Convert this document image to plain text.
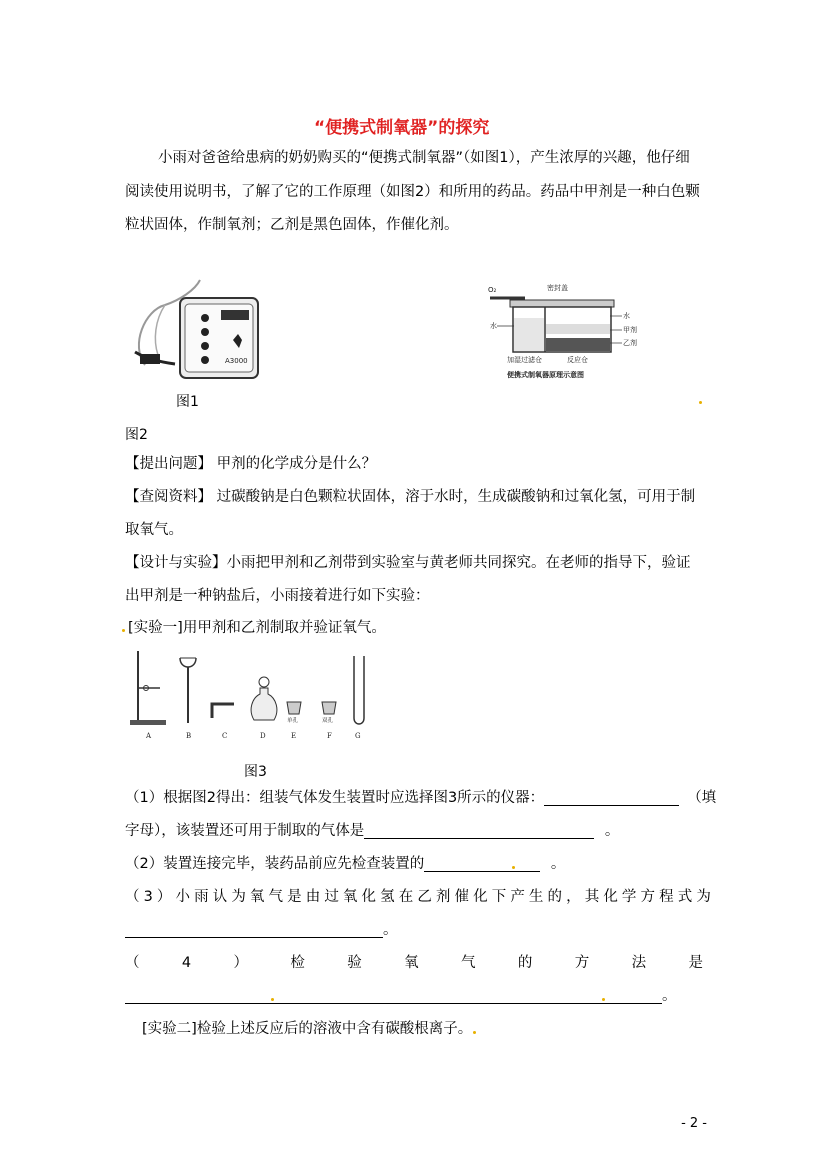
“便携式制氧器”的探究
小雨对爸爸给患病的奶奶购买的“便携式制氧器”（如图1），产生浓厚的兴趣，他仔细
阅读使用说明书，了解了它的工作原理（如图2）和所用的药品。药品中甲剂是一种白色颗
粒状固体，作制氧剂；乙剂是黑色固体，作催化剂。
A3000
图1
O₂	密封盖
水
水
甲剂
乙剂
加湿过滤仓	反应仓
便携式制氧器原理示意图
图2
【提出问题】 甲剂的化学成分是什么？
【查阅资料】 过碳酸钠是白色颗粒状固体，溶于水时，生成碳酸钠和过氧化氢，可用于制
取氧气。
【设计与实验】小雨把甲剂和乙剂带到实验室与黄老师共同探究。在老师的指导下，验证
出甲剂是一种钠盐后，小雨接着进行如下实验：
[实验一]用甲剂和乙剂制取并验证氧气。
单孔	双孔
A	B	C	D	E	F	G
图3
（1）根据图2得出：组装气体发生装置时应选择图3所示的仪器：	（填
字母），该装置还可用于制取的气体是	。
（2）装置连接完毕，装药品前应先检查装置的	。
（3）小雨认为氧气是由过氧化氢在乙剂催化下产生的，其化学方程式为
。
（	4	）	检	验	氧	气	的	方	法	是
。
[实验二]检验上述反应后的溶液中含有碳酸根离子。
- 2 -
